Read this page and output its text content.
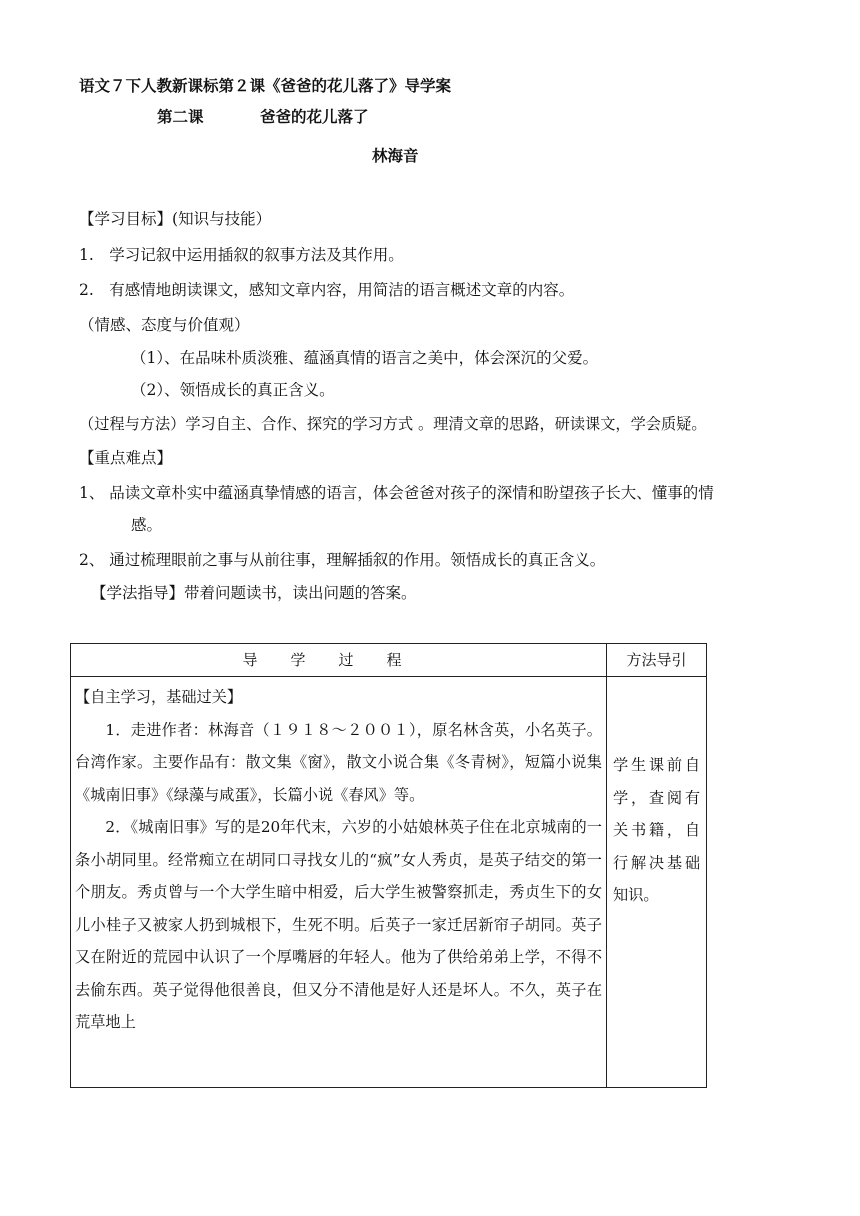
语文７下人教新课标第２课《爸爸的花儿落了》导学案
第二课	爸爸的花儿落了
林海音
【学习目标】(知识与技能）
1.　学习记叙中运用插叙的叙事方法及其作用。
2.　有感情地朗读课文，感知文章内容，用简洁的语言概述文章的内容。
（情感、态度与价值观）
（1）、在品味朴质淡雅、蕴涵真情的语言之美中，体会深沉的父爱。
（2）、领悟成长的真正含义。
（过程与方法）学习自主、合作、探究的学习方式 。理清文章的思路，研读课文，学会质疑。
【重点难点】
1、 品读文章朴实中蕴涵真挚情感的语言，体会爸爸对孩子的深情和盼望孩子长大、懂事的情
感。
2、 通过梳理眼前之事与从前往事，理解插叙的作用。领悟成长的真正含义。
【学法指导】带着问题读书，读出问题的答案。
导学过程	方法导引

【自主学习，基础过关】

1．走进作者：林海音（１９１８～２００１），原名林含英，小名英子。台湾作家。主要作品有：散文集《窗》，散文小说合集《冬青树》，短篇小说集《城南旧事》《绿藻与咸蛋》，长篇小说《春风》等。

2．《城南旧事》写的是20年代末，六岁的小姑娘林英子住在北京城南的一条小胡同里。经常痴立在胡同口寻找女儿的“疯”女人秀贞，是英子结交的第一个朋友。秀贞曾与一个大学生暗中相爱，后大学生被警察抓走，秀贞生下的女儿小桂子又被家人扔到城根下，生死不明。后英子一家迁居新帘子胡同。英子又在附近的荒园中认识了一个厚嘴唇的年轻人。他为了供给弟弟上学，不得不去偷东西。英子觉得他很善良，但又分不清他是好人还是坏人。不久，英子在荒草地上	学生课前自学，查阅有关书籍，自行解决基础知识。
